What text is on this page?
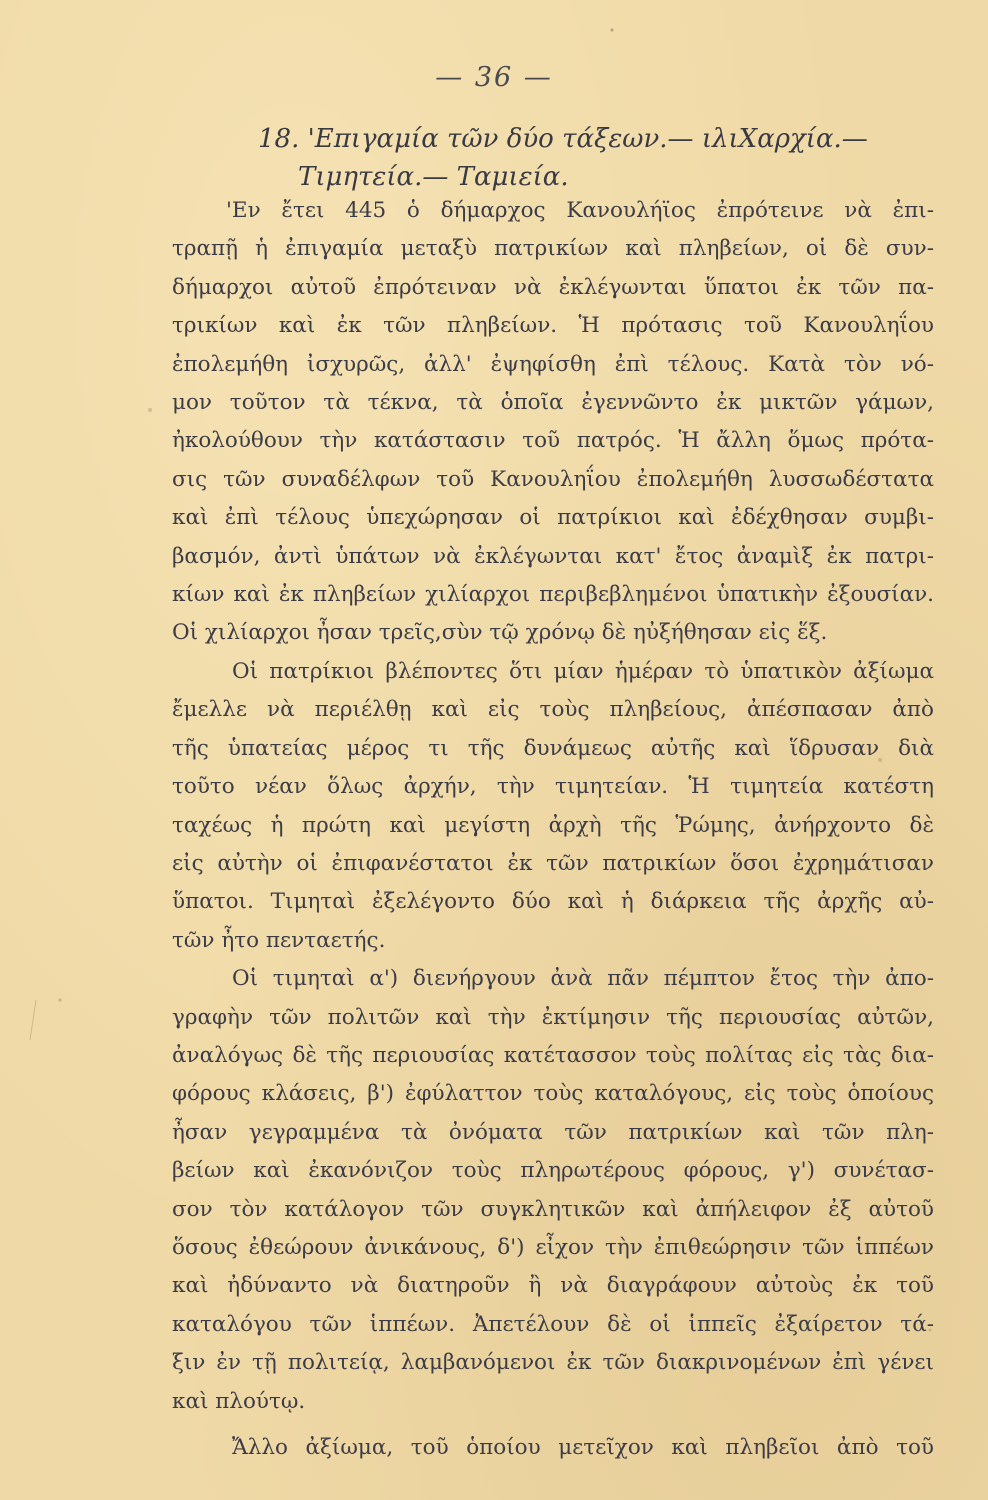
— 36 —
18. 'Επιγαμία τῶν δύο τάξεων.— ιλιΧαρχία.—
Τιμητεία.— Ταμιεία.
'Εν ἔτει 445 ὁ δήμαρχος Κανουλήϊος ἐπρότεινε νὰ ἐπι-
τραπῇ ἡ ἐπιγαμία μεταξὺ πατρικίων καὶ πληβείων, οἱ δὲ συν-
δήμαρχοι αὐτοῦ ἐπρότειναν νὰ ἐκλέγωνται ὕπατοι ἐκ τῶν πα-
τρικίων καὶ ἐκ τῶν πληβείων. Ἡ πρότασις τοῦ Κανουληΐου
ἐπολεμήθη ἰσχυρῶς, ἀλλ' ἐψηφίσθη ἐπὶ τέλους. Κατὰ τὸν νό-
μον τοῦτον τὰ τέκνα, τὰ ὁποῖα ἐγεννῶντο ἐκ μικτῶν γάμων,
ἠκολούθουν τὴν κατάστασιν τοῦ πατρός. Ἡ ἄλλη ὅμως πρότα-
σις τῶν συναδέλφων τοῦ Κανουληΐου ἐπολεμήθη λυσσωδέστατα
καὶ ἐπὶ τέλους ὑπεχώρησαν οἱ πατρίκιοι καὶ ἐδέχθησαν συμβι-
βασμόν, ἀντὶ ὑπάτων νὰ ἐκλέγωνται κατ' ἔτος ἀναμὶξ ἐκ πατρι-
κίων καὶ ἐκ πληβείων χιλίαρχοι περιβεβλημένοι ὑπατικὴν ἐξουσίαν.
Οἱ χιλίαρχοι ἦσαν τρεῖς,σὺν τῷ χρόνῳ δὲ ηὐξήθησαν εἰς ἕξ.
Οἱ πατρίκιοι βλέποντες ὅτι μίαν ἡμέραν τὸ ὑπατικὸν ἀξίωμα
ἔμελλε νὰ περιέλθῃ καὶ εἰς τοὺς πληβείους, ἀπέσπασαν ἀπὸ
τῆς ὑπατείας μέρος τι τῆς δυνάμεως αὐτῆς καὶ ἵδρυσαν διὰ
τοῦτο νέαν ὅλως ἀρχήν, τὴν τιμητείαν. Ἡ τιμητεία κατέστη
ταχέως ἡ πρώτη καὶ μεγίστη ἀρχὴ τῆς Ῥώμης, ἀνήρχοντο δὲ
εἰς αὐτὴν οἱ ἐπιφανέστατοι ἐκ τῶν πατρικίων ὅσοι ἐχρημάτισαν
ὕπατοι. Τιμηταὶ ἐξελέγοντο δύο καὶ ἡ διάρκεια τῆς ἀρχῆς αὐ-
τῶν ἦτο πενταετής.
Οἱ τιμηταὶ α') διενήργουν ἀνὰ πᾶν πέμπτον ἔτος τὴν ἀπο-
γραφὴν τῶν πολιτῶν καὶ τὴν ἐκτίμησιν τῆς περιουσίας αὐτῶν,
ἀναλόγως δὲ τῆς περιουσίας κατέτασσον τοὺς πολίτας εἰς τὰς δια-
φόρους κλάσεις, β') ἐφύλαττον τοὺς καταλόγους, εἰς τοὺς ὁποίους
ἦσαν γεγραμμένα τὰ ὀνόματα τῶν πατρικίων καὶ τῶν πλη-
βείων καὶ ἐκανόνιζον τοὺς πληρωτέρους φόρους, γ') συνέτασ-
σον τὸν κατάλογον τῶν συγκλητικῶν καὶ ἀπήλειφον ἐξ αὐτοῦ
ὅσους ἐθεώρουν ἀνικάνους, δ') εἶχον τὴν ἐπιθεώρησιν τῶν ἱππέων
καὶ ἠδύναντο νὰ διατηροῦν ἢ νὰ διαγράφουν αὐτοὺς ἐκ τοῦ
καταλόγου τῶν ἱππέων. Ἀπετέλουν δὲ οἱ ἱππεῖς ἐξαίρετον τά-
ξιν ἐν τῇ πολιτείᾳ, λαμβανόμενοι ἐκ τῶν διακρινομένων ἐπὶ γένει
καὶ πλούτῳ.
Ἄλλο ἀξίωμα, τοῦ ὁποίου μετεῖχον καὶ πληβεῖοι ἀπὸ τοῦ
